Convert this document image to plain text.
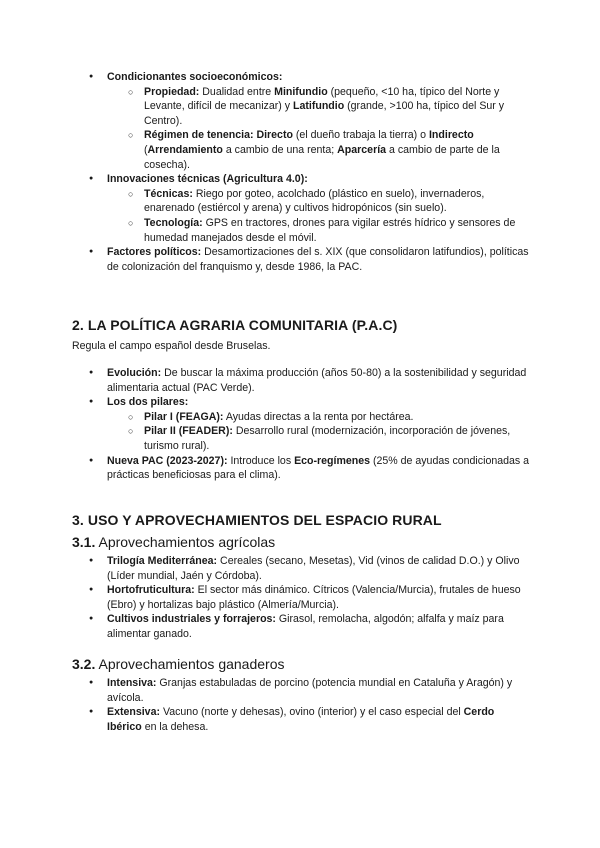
● Condicionantes socioeconómicos:
○ Propiedad: Dualidad entre Minifundio (pequeño, <10 ha, típico del Norte y Levante, difícil de mecanizar) y Latifundio (grande, >100 ha, típico del Sur y Centro).
○ Régimen de tenencia: Directo (el dueño trabaja la tierra) o Indirecto (Arrendamiento a cambio de una renta; Aparcería a cambio de parte de la cosecha).
● Innovaciones técnicas (Agricultura 4.0):
○ Técnicas: Riego por goteo, acolchado (plástico en suelo), invernaderos, enarenado (estiércol y arena) y cultivos hidropónicos (sin suelo).
○ Tecnología: GPS en tractores, drones para vigilar estrés hídrico y sensores de humedad manejados desde el móvil.
● Factores políticos: Desamortizaciones del s. XIX (que consolidaron latifundios), políticas de colonización del franquismo y, desde 1986, la PAC.
2. LA POLÍTICA AGRARIA COMUNITARIA (P.A.C)
Regula el campo español desde Bruselas.
● Evolución: De buscar la máxima producción (años 50-80) a la sostenibilidad y seguridad alimentaria actual (PAC Verde).
● Los dos pilares:
○ Pilar I (FEAGA): Ayudas directas a la renta por hectárea.
○ Pilar II (FEADER): Desarrollo rural (modernización, incorporación de jóvenes, turismo rural).
● Nueva PAC (2023-2027): Introduce los Eco-regímenes (25% de ayudas condicionadas a prácticas beneficiosas para el clima).
3. USO Y APROVECHAMIENTOS DEL ESPACIO RURAL
3.1. Aprovechamientos agrícolas
● Trilogía Mediterránea: Cereales (secano, Mesetas), Vid (vinos de calidad D.O.) y Olivo (Líder mundial, Jaén y Córdoba).
● Hortofruticultura: El sector más dinámico. Cítricos (Valencia/Murcia), frutales de hueso (Ebro) y hortalizas bajo plástico (Almería/Murcia).
● Cultivos industriales y forrajeros: Girasol, remolacha, algodón; alfalfa y maíz para alimentar ganado.
3.2. Aprovechamientos ganaderos
● Intensiva: Granjas estabuladas de porcino (potencia mundial en Cataluña y Aragón) y avícola.
● Extensiva: Vacuno (norte y dehesas), ovino (interior) y el caso especial del Cerdo Ibérico en la dehesa.
